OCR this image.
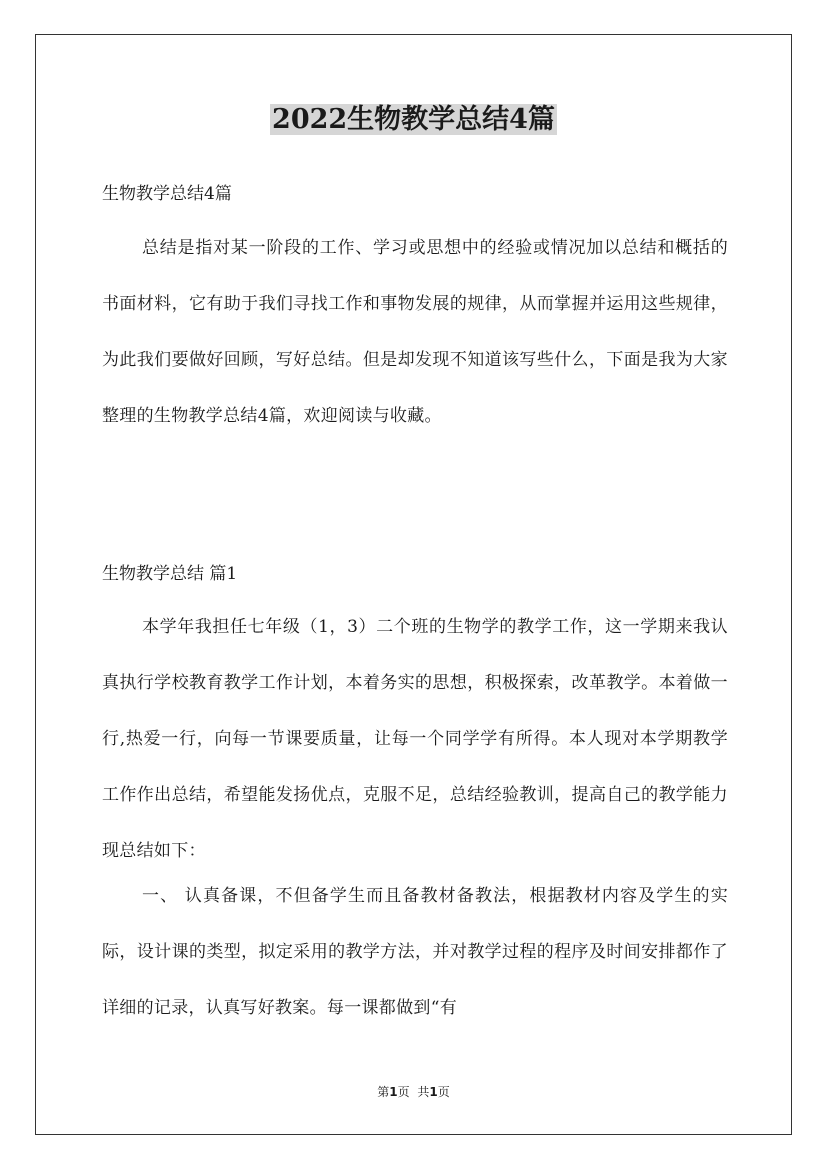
2022生物教学总结4篇

生物教学总结4篇

总结是指对某一阶段的工作、学习或思想中的经验或情况加以总结和概括的书面材料，它有助于我们寻找工作和事物发展的规律，从而掌握并运用这些规律，为此我们要做好回顾，写好总结。但是却发现不知道该写些什么，下面是我为大家整理的生物教学总结4篇，欢迎阅读与收藏。

生物教学总结 篇1

本学年我担任七年级（1，3）二个班的生物学的教学工作，这一学期来我认真执行学校教育教学工作计划，本着务实的思想，积极探索，改革教学。本着做一行,热爱一行，向每一节课要质量，让每一个同学学有所得。本人现对本学期教学工作作出总结，希望能发扬优点，克服不足，总结经验教训，提高自己的教学能力现总结如下：

一、 认真备课，不但备学生而且备教材备教法，根据教材内容及学生的实际，设计课的类型，拟定采用的教学方法，并对教学过程的程序及时间安排都作了详细的记录，认真写好教案。每一课都做到“有

第1页 共1页
